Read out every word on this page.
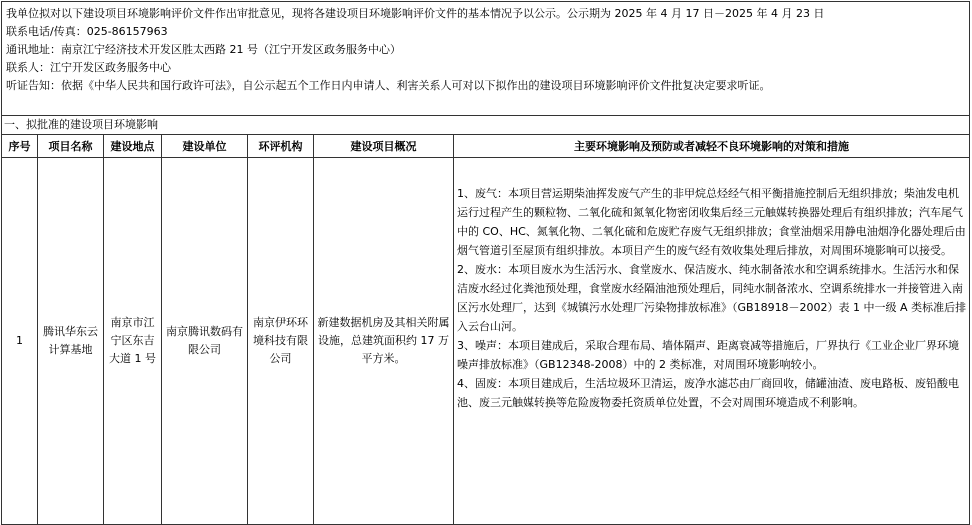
我单位拟对以下建设项目环境影响评价文件作出审批意见，现将各建设项目环境影响评价文件的基本情况予以公示。公示期为 2025 年 4 月 17 日－2025 年 4 月 23 日
联系电话/传真：025-86157963
通讯地址：南京江宁经济技术开发区胜太西路 21 号（江宁开发区政务服务中心）
联系人：江宁开发区政务服务中心
听证告知：依据《中华人民共和国行政许可法》，自公示起五个工作日内申请人、利害关系人可对以下拟作出的建设项目环境影响评价文件批复决定要求听证。						

一、拟批准的建设项目环境影响						
序号	项目名称	建设地点	建设单位	环评机构	建设项目概况	主要环境影响及预防或者减轻不良环境影响的对策和措施
1	腾讯华东云计算基地	南京市江宁区东吉大道 1 号	南京腾讯数码有限公司	南京伊环环境科技有限公司	新建数据机房及其相关附属设施，总建筑面积约 17 万平方米。	1、废气：本项目营运期柴油挥发废气产生的非甲烷总烃经气相平衡措施控制后无组织排放；柴油发电机运行过程产生的颗粒物、二氧化硫和氮氧化物密闭收集后经三元触媒转换器处理后有组织排放；汽车尾气中的 CO、HC、氮氧化物、二氧化硫和危废贮存废气无组织排放；食堂油烟采用静电油烟净化器处理后由烟气管道引至屋顶有组织排放。本项目产生的废气经有效收集处理后排放，对周围环境影响可以接受。
2、废水：本项目废水为生活污水、食堂废水、保洁废水、纯水制备浓水和空调系统排水。生活污水和保洁废水经过化粪池预处理，食堂废水经隔油池预处理后，同纯水制备浓水、空调系统排水一并接管进入南区污水处理厂，达到《城镇污水处理厂污染物排放标准》（GB18918－2002）表 1 中一级 A 类标准后排入云台山河。
3、噪声：本项目建成后，采取合理布局、墙体隔声、距离衰减等措施后，厂界执行《工业企业厂界环境噪声排放标准》（GB12348-2008）中的 2 类标准，对周围环境影响较小。
4、固废：本项目建成后，生活垃圾环卫清运，废净水滤芯由厂商回收，储罐油渣、废电路板、废铅酸电池、废三元触媒转换等危险废物委托资质单位处置，不会对周围环境造成不利影响。
